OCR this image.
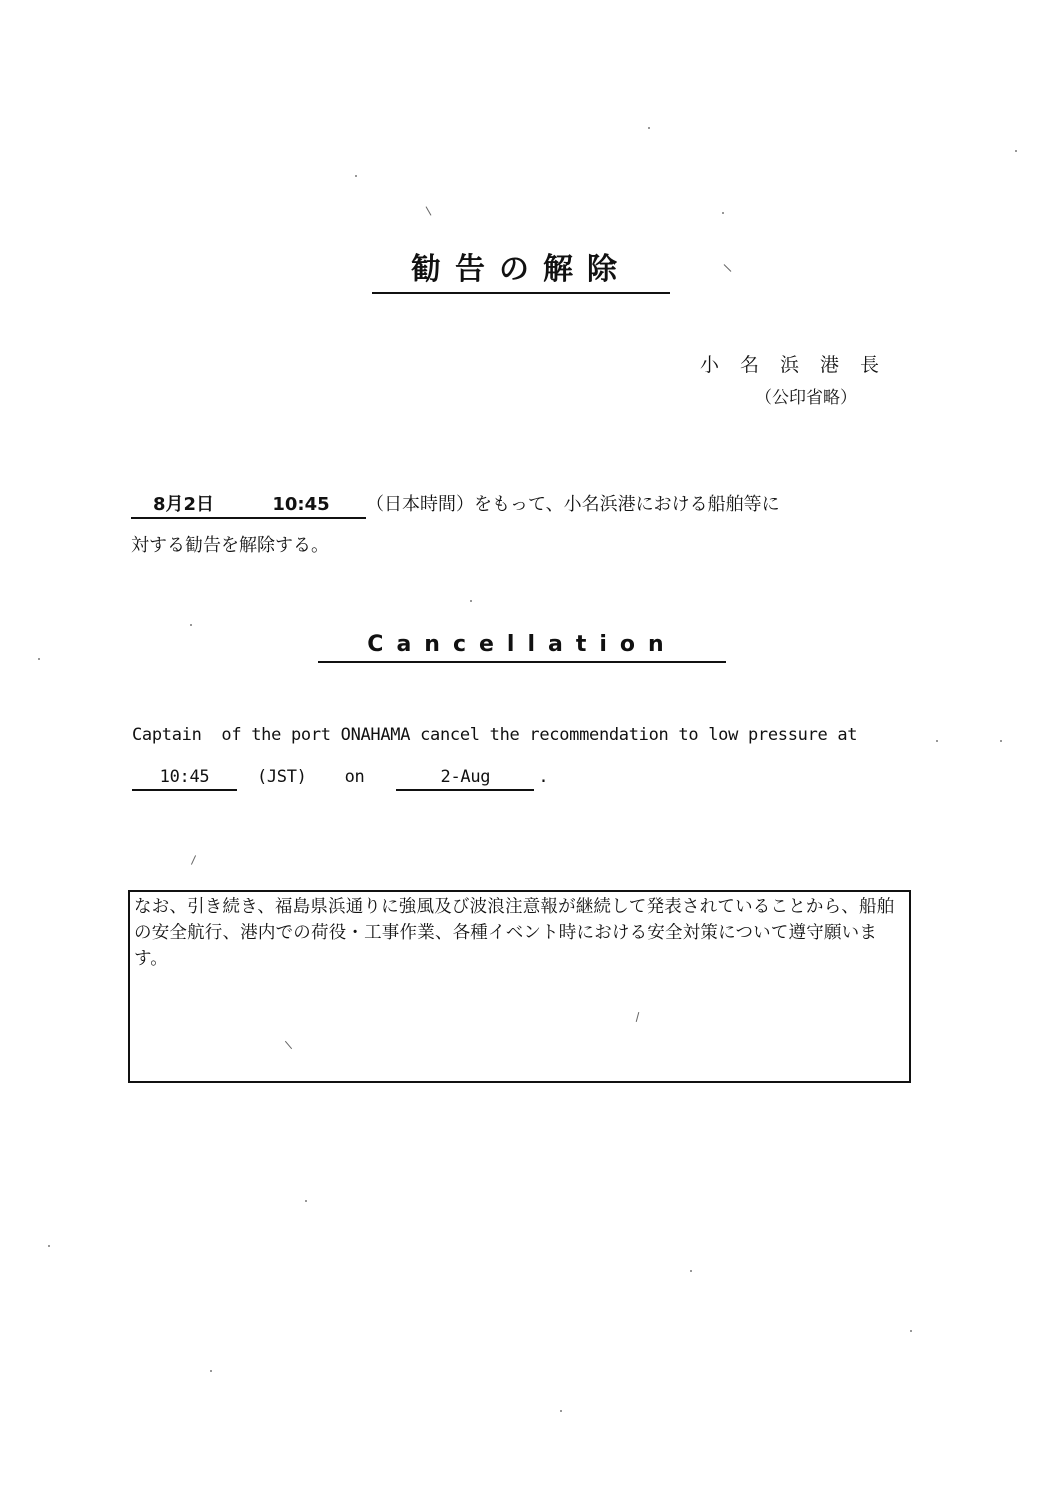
勧告の解除
小名浜港長
（公印省略）
8月2日	10:45 （日本時間）をもって、小名浜港における船舶等に
対する勧告を解除する。
Cancellation
Captain  of the port ONAHAMA cancel the recommendation to low pressure at
10:45	(JST) on	2-Aug	.
なお、引き続き、福島県浜通りに強風及び波浪注意報が継続して発表されていることから、船舶の安全航行、港内での荷役・工事作業、各種イベント時における安全対策について遵守願います。
